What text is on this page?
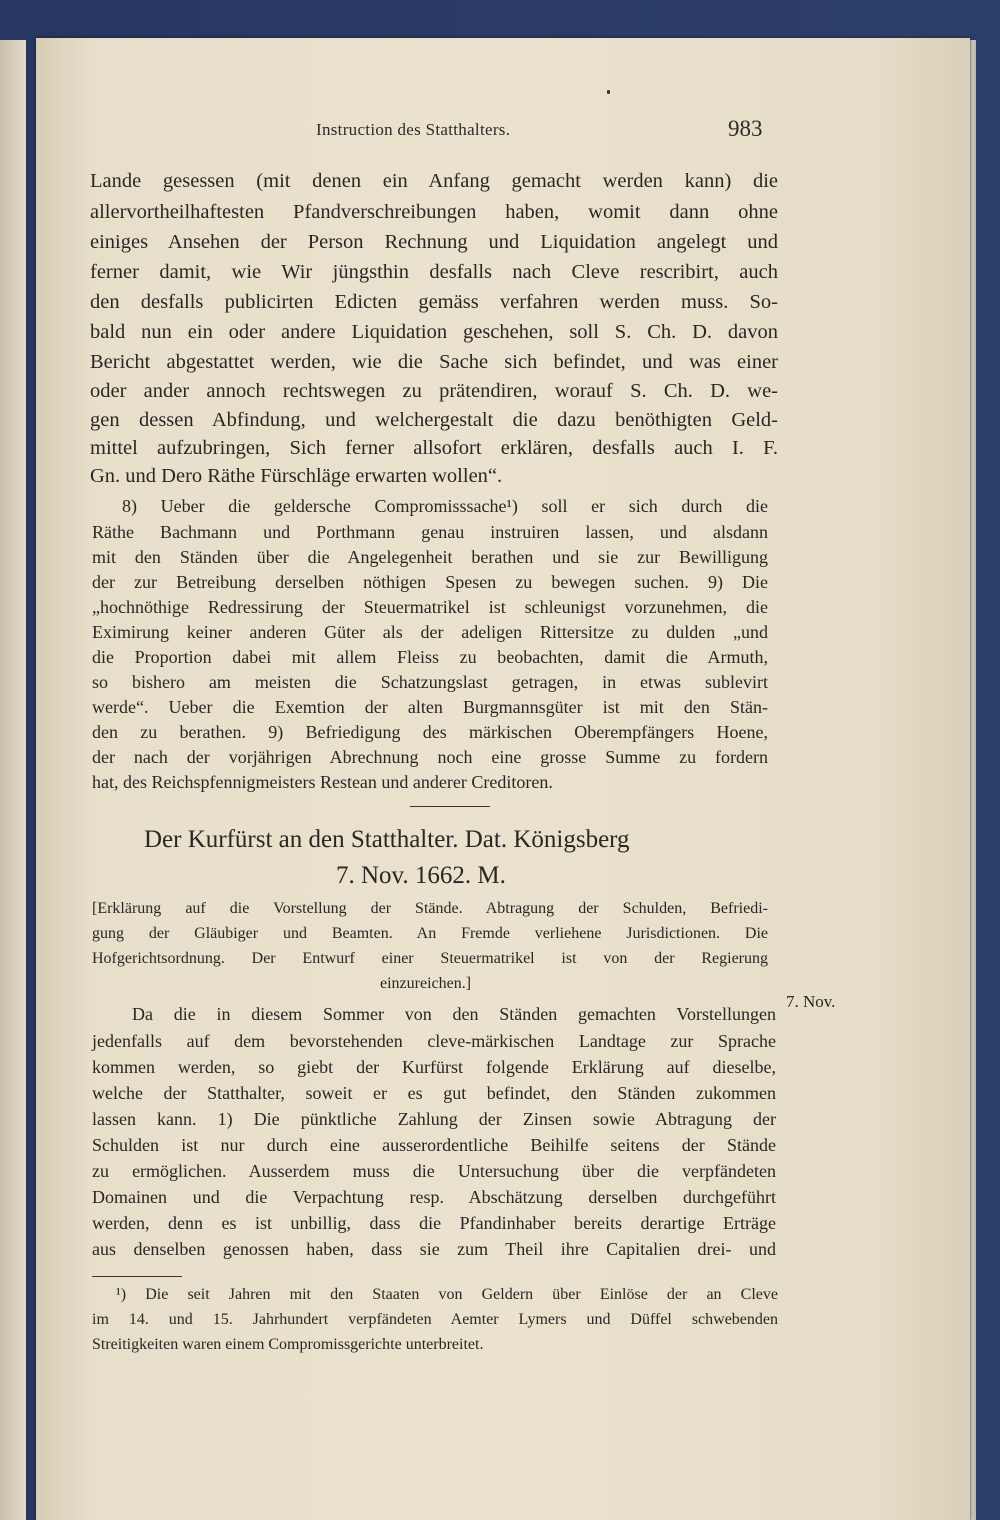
Instruction des Statthalters.	983
Lande gesessen (mit denen ein Anfang gemacht werden kann) die
allervortheilhaftesten Pfandverschreibungen haben, womit dann ohne
einiges Ansehen der Person Rechnung und Liquidation angelegt und
ferner damit, wie Wir jüngsthin desfalls nach Cleve rescribirt, auch
den desfalls publicirten Edicten gemäss verfahren werden muss. So-
bald nun ein oder andere Liquidation geschehen, soll S. Ch. D. davon
Bericht abgestattet werden, wie die Sache sich befindet, und was einer
oder ander annoch rechtswegen zu prätendiren, worauf S. Ch. D. we-
gen dessen Abfindung, und welchergestalt die dazu benöthigten Geld-
mittel aufzubringen, Sich ferner allsofort erklären, desfalls auch I. F.
Gn. und Dero Räthe Fürschläge erwarten wollen“.
8) Ueber die geldersche Compromisssache¹) soll er sich durch die
Räthe Bachmann und Porthmann genau instruiren lassen, und alsdann
mit den Ständen über die Angelegenheit berathen und sie zur Bewilligung
der zur Betreibung derselben nöthigen Spesen zu bewegen suchen. 9) Die
„hochnöthige Redressirung der Steuermatrikel ist schleunigst vorzunehmen, die
Eximirung keiner anderen Güter als der adeligen Rittersitze zu dulden „und
die Proportion dabei mit allem Fleiss zu beobachten, damit die Armuth,
so bishero am meisten die Schatzungslast getragen, in etwas sublevirt
werde“. Ueber die Exemtion der alten Burgmannsgüter ist mit den Stän-
den zu berathen. 9) Befriedigung des märkischen Oberempfängers Hoene,
der nach der vorjährigen Abrechnung noch eine grosse Summe zu fordern
hat, des Reichspfennigmeisters Restean und anderer Creditoren.
Der Kurfürst an den Statthalter. Dat. Königsberg
7. Nov. 1662. M.
[Erklärung auf die Vorstellung der Stände. Abtragung der Schulden, Befriedi-
gung der Gläubiger und Beamten. An Fremde verliehene Jurisdictionen. Die
Hofgerichtsordnung. Der Entwurf einer Steuermatrikel ist von der Regierung
einzureichen.]
7. Nov.
Da die in diesem Sommer von den Ständen gemachten Vorstellungen
jedenfalls auf dem bevorstehenden cleve-märkischen Landtage zur Sprache
kommen werden, so giebt der Kurfürst folgende Erklärung auf dieselbe,
welche der Statthalter, soweit er es gut befindet, den Ständen zukommen
lassen kann. 1) Die pünktliche Zahlung der Zinsen sowie Abtragung der
Schulden ist nur durch eine ausserordentliche Beihilfe seitens der Stände
zu ermöglichen. Ausserdem muss die Untersuchung über die verpfändeten
Domainen und die Verpachtung resp. Abschätzung derselben durchgeführt
werden, denn es ist unbillig, dass die Pfandinhaber bereits derartige Erträge
aus denselben genossen haben, dass sie zum Theil ihre Capitalien drei- und
¹) Die seit Jahren mit den Staaten von Geldern über Einlöse der an Cleve
im 14. und 15. Jahrhundert verpfändeten Aemter Lymers und Düffel schwebenden
Streitigkeiten waren einem Compromissgerichte unterbreitet.
